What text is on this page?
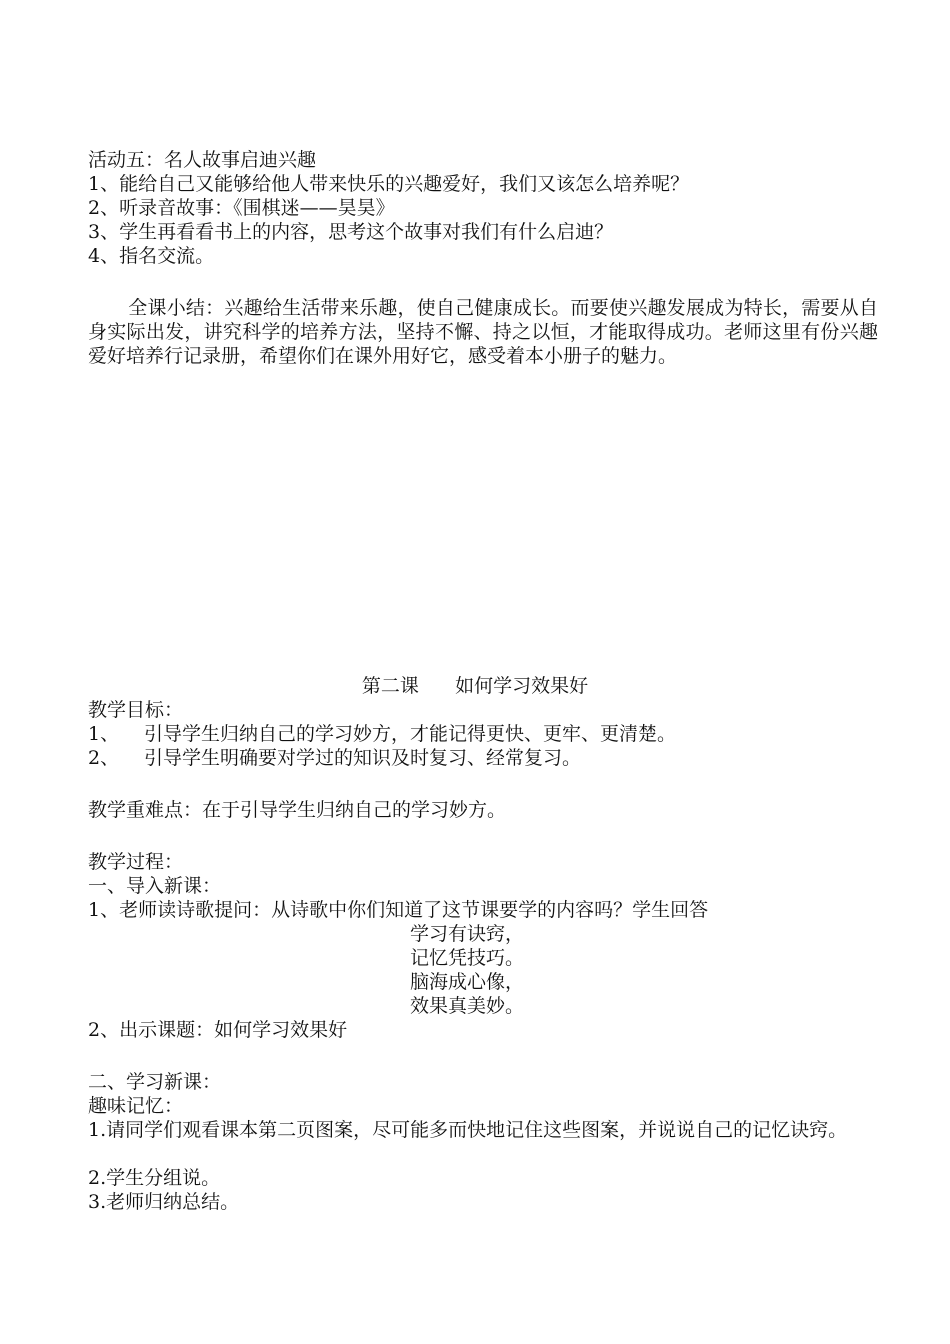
活动五：名人故事启迪兴趣
1、能给自己又能够给他人带来快乐的兴趣爱好，我们又该怎么培养呢？
2、听录音故事：《围棋迷——昊昊》
3、学生再看看书上的内容，思考这个故事对我们有什么启迪？
4、指名交流。
全课小结：兴趣给生活带来乐趣，使自己健康成长。而要使兴趣发展成为特长，需要从自身实际出发，讲究科学的培养方法，坚持不懈、持之以恒，才能取得成功。老师这里有份兴趣爱好培养行记录册，希望你们在课外用好它，感受着本小册子的魅力。
第二课      如何学习效果好
教学目标：
1、 引导学生归纳自己的学习妙方，才能记得更快、更牢、更清楚。
2、 引导学生明确要对学过的知识及时复习、经常复习。
教学重难点：在于引导学生归纳自己的学习妙方。
教学过程：
一、导入新课：
1、老师读诗歌提问：从诗歌中你们知道了这节课要学的内容吗？学生回答
学习有诀窍，
记忆凭技巧。
脑海成心像，
效果真美妙。
2、出示课题：如何学习效果好
二、学习新课：
趣味记忆：
1.请同学们观看课本第二页图案，尽可能多而快地记住这些图案，并说说自己的记忆诀窍。
2.学生分组说。
3.老师归纳总结。
